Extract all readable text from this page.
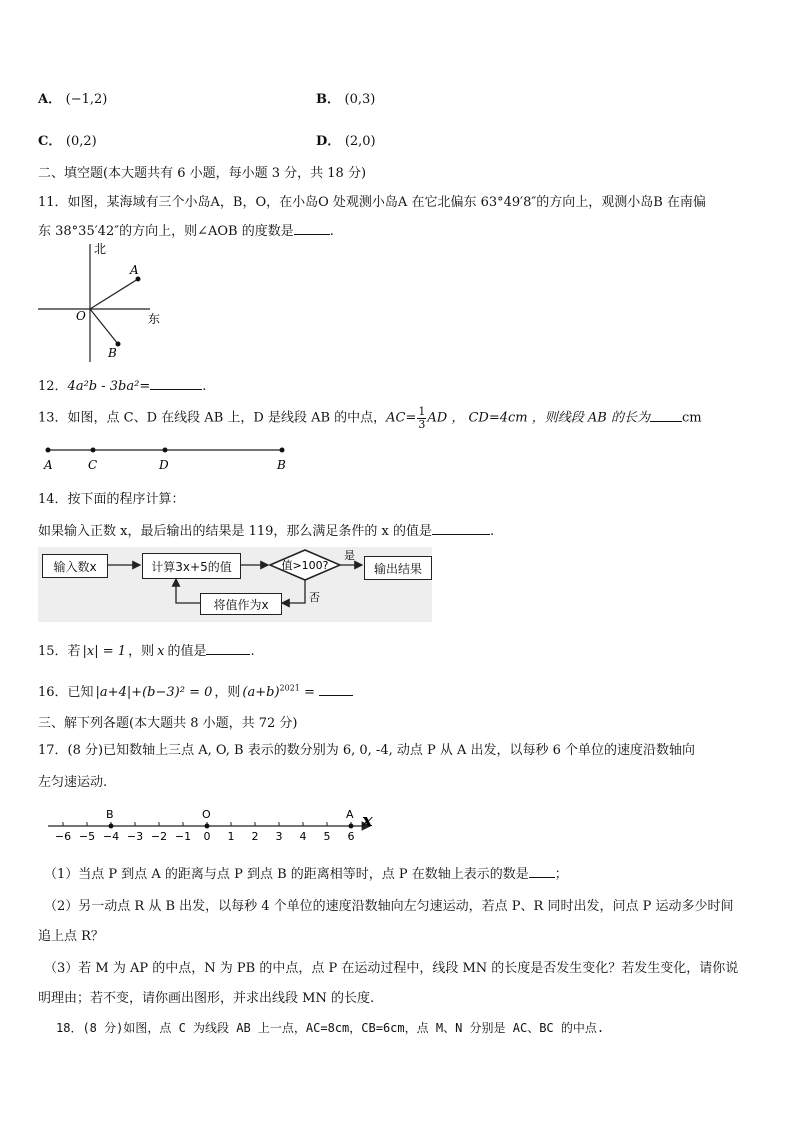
A． (−1,2)	B． (0,3)
C． (0,2)	D． (2,0)
二、填空题(本大题共有 6 小题，每小题 3 分，共 18 分)
11．如图，某海域有三个小岛A，B，O，在小岛O 处观测小岛A 在它北偏东 63°49′8″的方向上，观测小岛B 在南偏
东 38°35′42″的方向上，则∠AOB 的度数是	.
北
东
A
B
O
12．4a²b - 3ba²=	.
13．如图，点 C、D 在线段 AB 上，D 是线段 AB 的中点，$AC= \frac{1}{3}$ AD ， CD=4cm ，则线段 AB 的长为 cm
A	C	D	B
14．按下面的程序计算：
如果输入正数 x，最后输出的结果是 119，那么满足条件的 x 的值是	.
输入数x	计算3x+5的值	输出结果
将值作为x
值>100?
是
否
15．若 |x| = 1 ，则 x 的值是	.
16．已知 |a+4|+(b−3)² = 0 ，则 $(a+b)^{2021}$ =
三、解下列各题(本大题共 8 小题，共 72 分)
17．(8 分)已知数轴上三点 A, O, B 表示的数分别为 6, 0, -4, 动点 P 从 A 出发，以每秒 6 个单位的速度沿数轴向
左匀速运动.
−6 −5 −4 −3 −2 −1 0 1 2 3 4 5 6
B	O	A x
（1）当点 P 到点 A 的距离与点 P 到点 B 的距离相等时，点 P 在数轴上表示的数是 ；
（2）另一动点 R 从 B 出发，以每秒 4 个单位的速度沿数轴向左匀速运动，若点 P、R 同时出发，问点 P 运动多少时间
追上点 R？
（3）若 M 为 AP 的中点，N 为 PB 的中点，点 P 在运动过程中，线段 MN 的长度是否发生变化？若发生变化，请你说
明理由；若不变，请你画出图形，并求出线段 MN 的长度.
18．(8 分)如图，点 C 为线段 AB 上一点，AC=8cm，CB=6cm，点 M、N 分别是 AC、BC 的中点.
